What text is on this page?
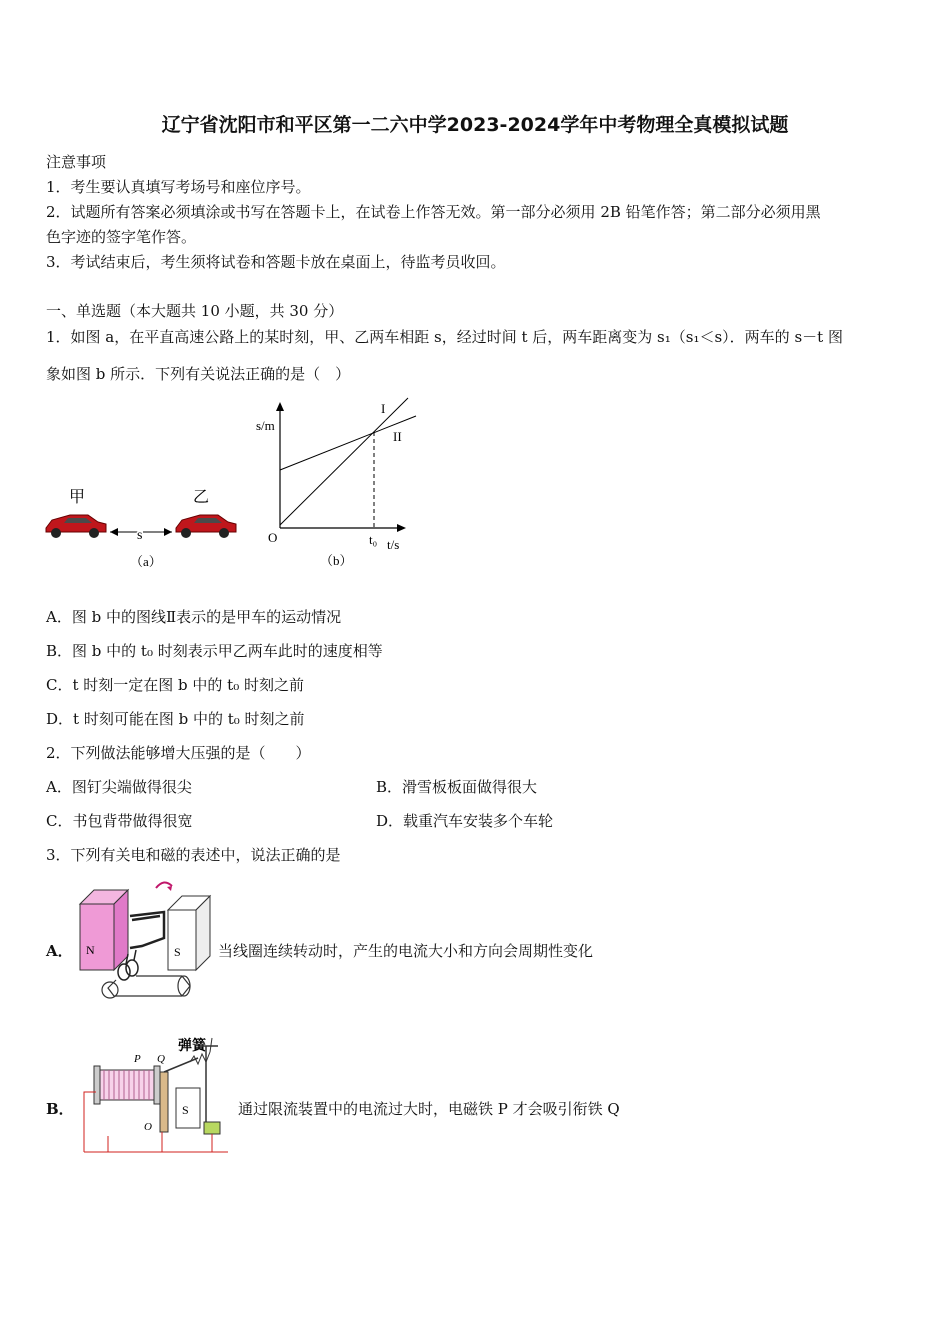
辽宁省沈阳市和平区第一二六中学2023-2024学年中考物理全真模拟试题
注意事项
1．考生要认真填写考场号和座位序号。
2．试题所有答案必须填涂或书写在答题卡上，在试卷上作答无效。第一部分必须用 2B 铅笔作答；第二部分必须用黑
色字迹的签字笔作答。
3．考试结束后，考生须将试卷和答题卡放在桌面上，待监考员收回。
一、单选题（本大题共 10 小题，共 30 分）
1．如图 a，在平直高速公路上的某时刻，甲、乙两车相距 s，经过时间 t 后，两车距离变为 s₁（s₁＜s）．两车的 s－t 图
象如图 b 所示．下列有关说法正确的是（　）
甲	乙
s
（a）
s/m
t/s
O	t₀
I
II
（b）
A．图 b 中的图线Ⅱ表示的是甲车的运动情况
B．图 b 中的 t₀ 时刻表示甲乙两车此时的速度相等
C．t 时刻一定在图 b 中的 t₀ 时刻之前
D．t 时刻可能在图 b 中的 t₀ 时刻之前
2．下列做法能够增大压强的是（　　）
A．图钉尖端做得很尖	B．滑雪板板面做得很大
C．书包背带做得很宽	D．载重汽车安装多个车轮
3．下列有关电和磁的表述中，说法正确的是
A． N	S 当线圈连续转动时，产生的电流大小和方向会周期性变化
B．
弹簧
P Q
S
O
通过限流装置中的电流过大时，电磁铁 P 才会吸引衔铁 Q
